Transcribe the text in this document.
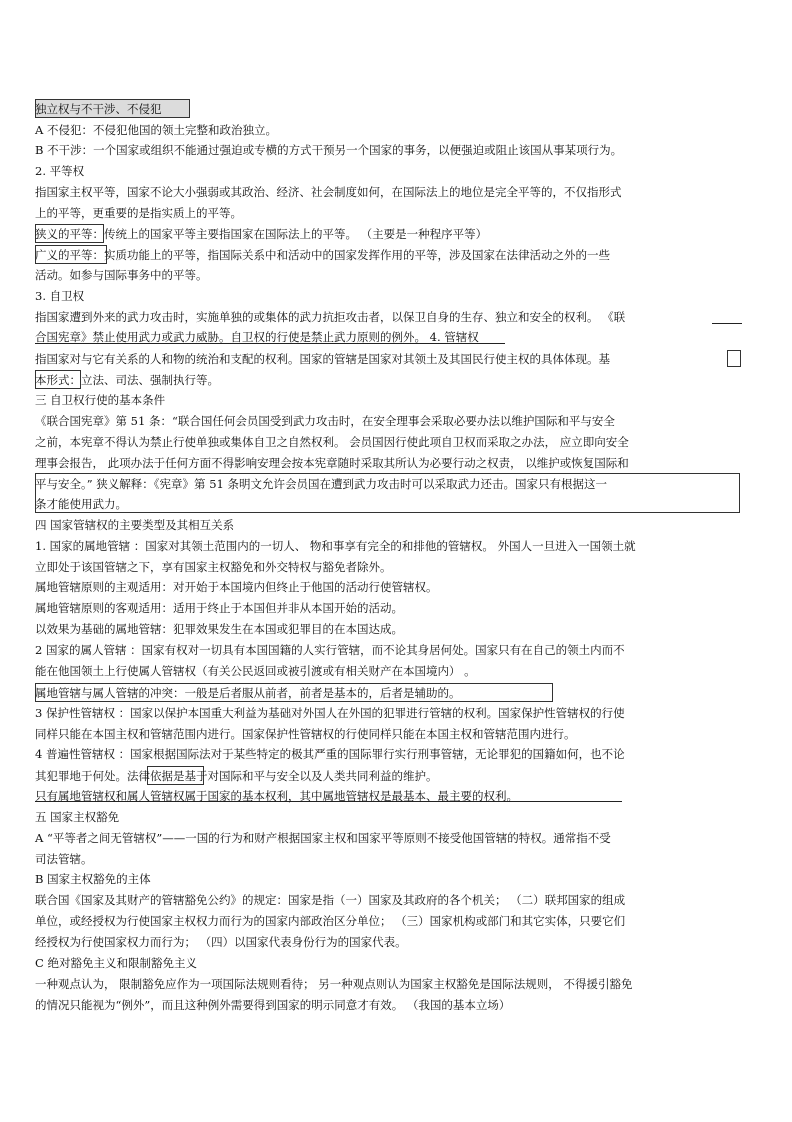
独立权与不干涉、不侵犯
A 不侵犯：不侵犯他国的领土完整和政治独立。
B 不干涉：一个国家或组织不能通过强迫或专横的方式干预另一个国家的事务，以便强迫或阻止该国从事某项行为。
2. 平等权
指国家主权平等，国家不论大小强弱或其政治、经济、社会制度如何，在国际法上的地位是完全平等的，不仅指形式
上的平等，更重要的是指实质上的平等。
狭义的平等：传统上的国家平等主要指国家在国际法上的平等。 （主要是一种程序平等）
广义的平等：实质功能上的平等，指国际关系中和活动中的国家发挥作用的平等，涉及国家在法律活动之外的一些
活动。如参与国际事务中的平等。
3. 自卫权
指国家遭到外来的武力攻击时，实施单独的或集体的武力抗拒攻击者，以保卫自身的生存、独立和安全的权利。 《联
合国宪章》禁止使用武力或武力威胁。自卫权的行使是禁止武力原则的例外。 4. 管辖权
指国家对与它有关系的人和物的统治和支配的权利。国家的管辖是国家对其领土及其国民行使主权的具体体现。基
本形式：立法、司法、强制执行等。
三 自卫权行使的基本条件
《联合国宪章》第 51 条：“联合国任何会员国受到武力攻击时，在安全理事会采取必要办法以维护国际和平与安全
之前，本宪章不得认为禁止行使单独或集体自卫之自然权利。 会员国因行使此项自卫权而采取之办法， 应立即向安全
理事会报告， 此项办法于任何方面不得影响安理会按本宪章随时采取其所认为必要行动之权责， 以维护或恢复国际和
平与安全。” 狭义解释：《宪章》第 51 条明文允许会员国在遭到武力攻击时可以采取武力还击。国家只有根据这一
条才能使用武力。
四 国家管辖权的主要类型及其相互关系
1. 国家的属地管辖 ：国家对其领土范围内的一切人、 物和事享有完全的和排他的管辖权。 外国人一旦进入一国领土就
立即处于该国管辖之下，享有国家主权豁免和外交特权与豁免者除外。
属地管辖原则的主观适用：对开始于本国境内但终止于他国的活动行使管辖权。
属地管辖原则的客观适用：适用于终止于本国但并非从本国开始的活动。
以效果为基础的属地管辖：犯罪效果发生在本国或犯罪目的在本国达成。
2 国家的属人管辖 ：国家有权对一切具有本国国籍的人实行管辖，而不论其身居何处。国家只有在自己的领土内而不
能在他国领土上行使属人管辖权（有关公民返回或被引渡或有相关财产在本国境内） 。
属地管辖与属人管辖的冲突：一般是后者服从前者，前者是基本的，后者是辅助的。
3 保护性管辖权 ：国家以保护本国重大利益为基础对外国人在外国的犯罪进行管辖的权利。国家保护性管辖权的行使
同样只能在本国主权和管辖范围内进行。国家保护性管辖权的行使同样只能在本国主权和管辖范围内进行。
4 普遍性管辖权 ：国家根据国际法对于某些特定的极其严重的国际罪行实行刑事管辖，无论罪犯的国籍如何，也不论
其犯罪地于何处。法律依据是基于对国际和平与安全以及人类共同利益的维护。
只有属地管辖权和属人管辖权属于国家的基本权利，其中属地管辖权是最基本、最主要的权利。
五 国家主权豁免
A “平等者之间无管辖权”——一国的行为和财产根据国家主权和国家平等原则不接受他国管辖的特权。通常指不受
司法管辖。
B 国家主权豁免的主体
联合国《国家及其财产的管辖豁免公约》的规定：国家是指（一）国家及其政府的各个机关； （二）联邦国家的组成
单位，或经授权为行使国家主权权力而行为的国家内部政治区分单位； （三）国家机构或部门和其它实体，只要它们
经授权为行使国家权力而行为； （四）以国家代表身份行为的国家代表。
C 绝对豁免主义和限制豁免主义
一种观点认为， 限制豁免应作为一项国际法规则看待； 另一种观点则认为国家主权豁免是国际法规则， 不得援引豁免
的情况只能视为“例外”，而且这种例外需要得到国家的明示同意才有效。 （我国的基本立场）
